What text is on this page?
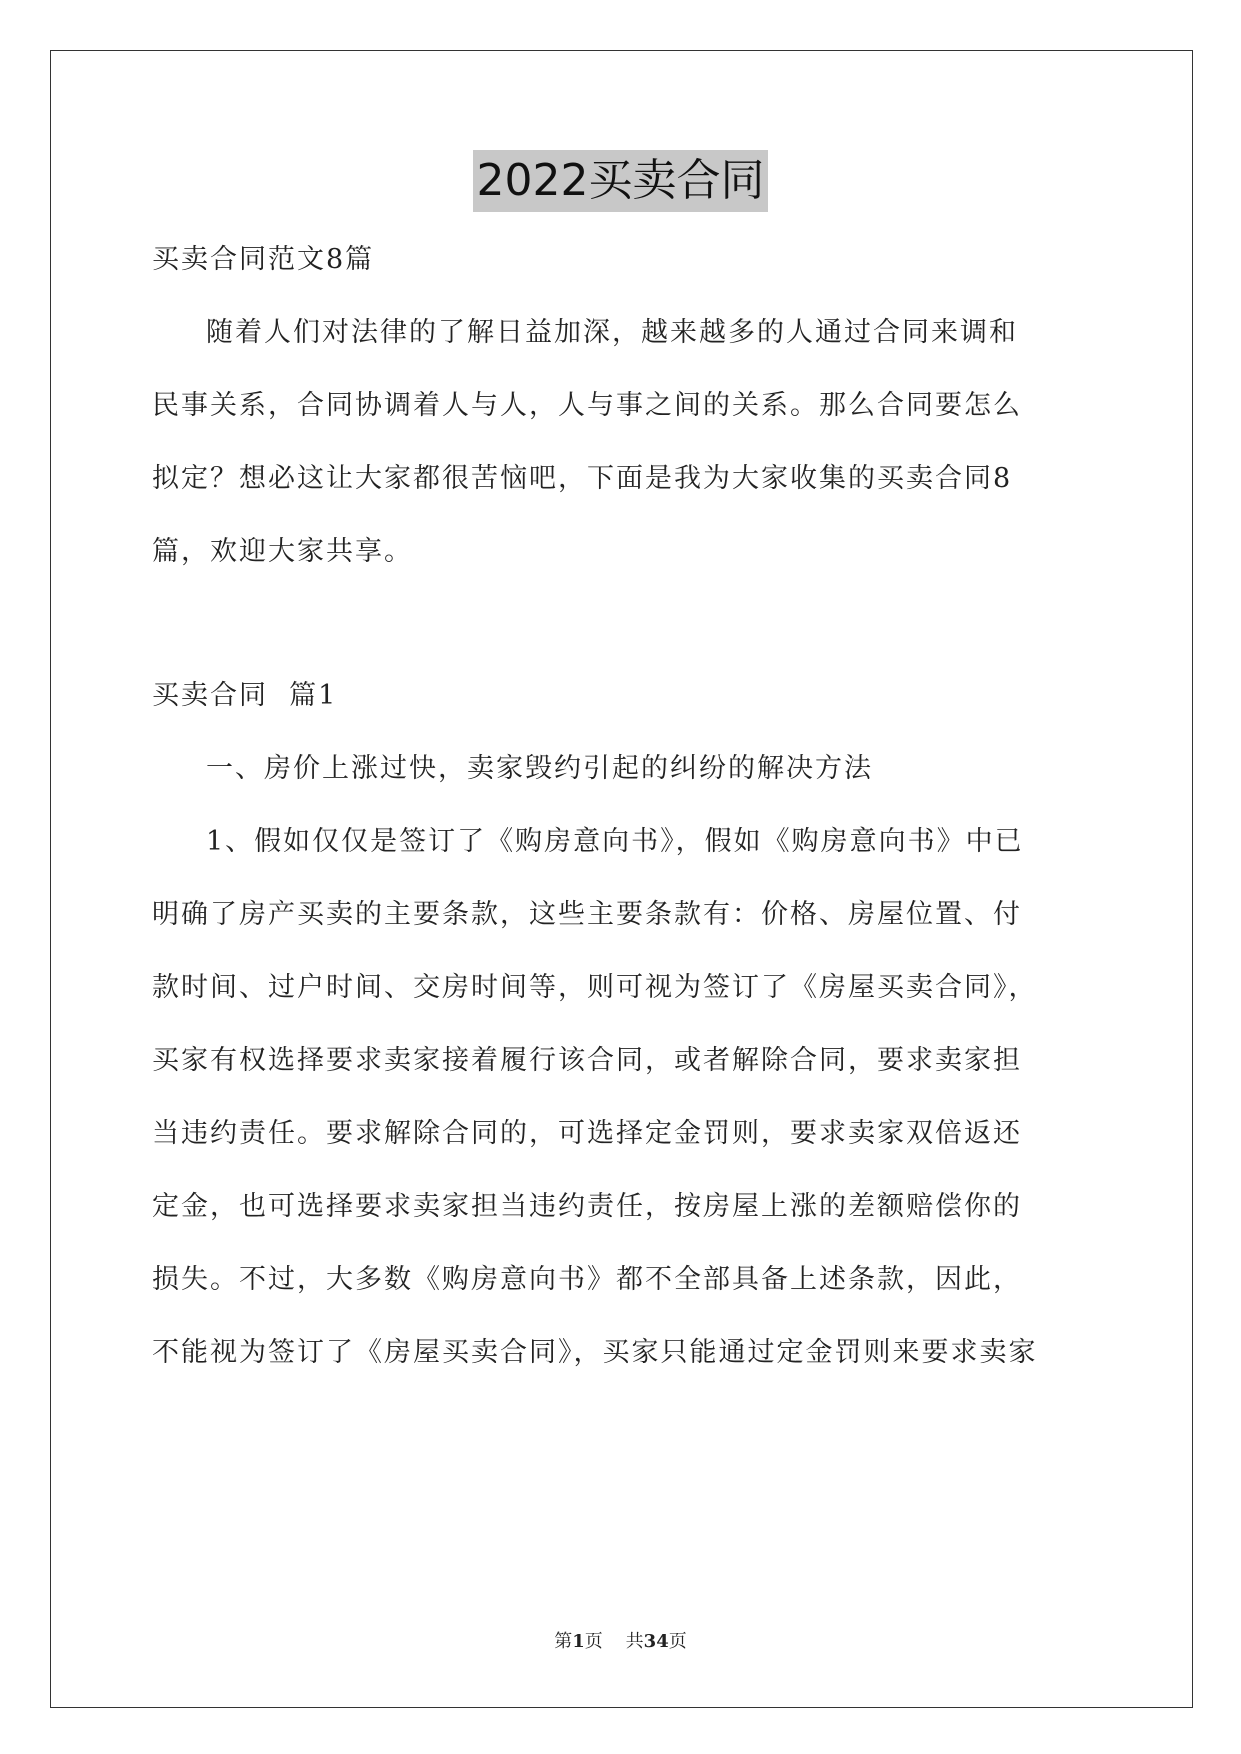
2022买卖合同
买卖合同范文8篇
随着人们对法律的了解日益加深，越来越多的人通过合同来调和
民事关系，合同协调着人与人，人与事之间的关系。那么合同要怎么
拟定？想必这让大家都很苦恼吧，下面是我为大家收集的买卖合同8
篇，欢迎大家共享。
买卖合同  篇1
一、房价上涨过快，卖家毁约引起的纠纷的解决方法
1、假如仅仅是签订了《购房意向书》，假如《购房意向书》中已
明确了房产买卖的主要条款，这些主要条款有：价格、房屋位置、付
款时间、过户时间、交房时间等，则可视为签订了《房屋买卖合同》，
买家有权选择要求卖家接着履行该合同，或者解除合同，要求卖家担
当违约责任。要求解除合同的，可选择定金罚则，要求卖家双倍返还
定金，也可选择要求卖家担当违约责任，按房屋上涨的差额赔偿你的
损失。不过，大多数《购房意向书》都不全部具备上述条款，因此，
不能视为签订了《房屋买卖合同》，买家只能通过定金罚则来要求卖家
第1页 共34页
